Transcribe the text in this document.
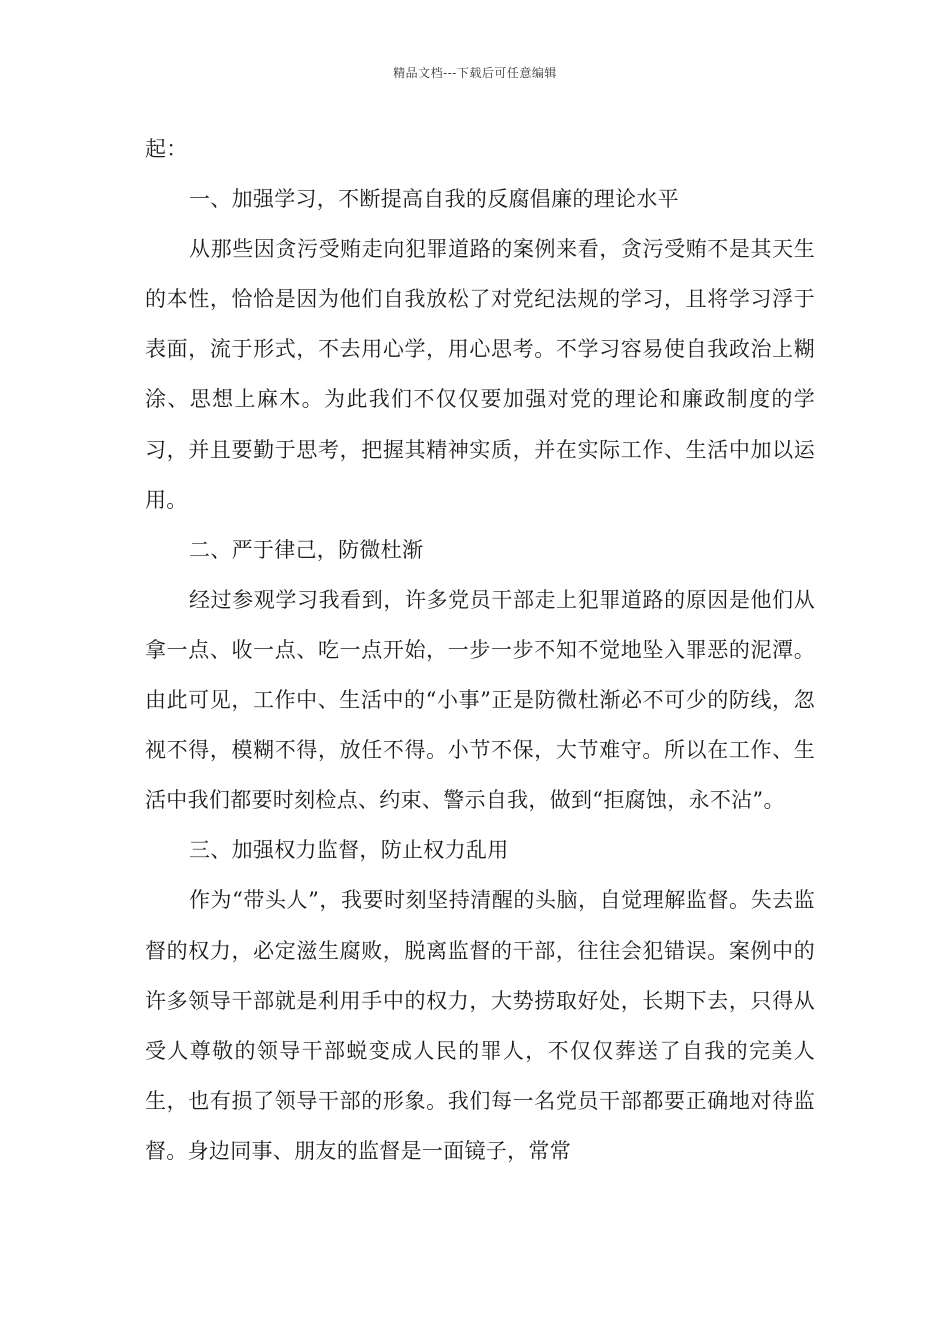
精品文档---下载后可任意编辑

起：

一、加强学习，不断提高自我的反腐倡廉的理论水平

从那些因贪污受贿走向犯罪道路的案例来看，贪污受贿不是其天生的本性，恰恰是因为他们自我放松了对党纪法规的学习，且将学习浮于表面，流于形式，不去用心学，用心思考。不学习容易使自我政治上糊涂、思想上麻木。为此我们不仅仅要加强对党的理论和廉政制度的学习，并且要勤于思考，把握其精神实质，并在实际工作、生活中加以运用。

二、严于律己，防微杜渐

经过参观学习我看到，许多党员干部走上犯罪道路的原因是他们从拿一点、收一点、吃一点开始，一步一步不知不觉地坠入罪恶的泥潭。由此可见，工作中、生活中的“小事”正是防微杜渐必不可少的防线，忽视不得，模糊不得，放任不得。小节不保，大节难守。所以在工作、生活中我们都要时刻检点、约束、警示自我，做到“拒腐蚀，永不沾”。

三、加强权力监督，防止权力乱用

作为“带头人”，我要时刻坚持清醒的头脑，自觉理解监督。失去监督的权力，必定滋生腐败，脱离监督的干部，往往会犯错误。案例中的许多领导干部就是利用手中的权力，大势捞取好处，长期下去，只得从受人尊敬的领导干部蜕变成人民的罪人，不仅仅葬送了自我的完美人生，也有损了领导干部的形象。我们每一名党员干部都要正确地对待监督。身边同事、朋友的监督是一面镜子，常常
